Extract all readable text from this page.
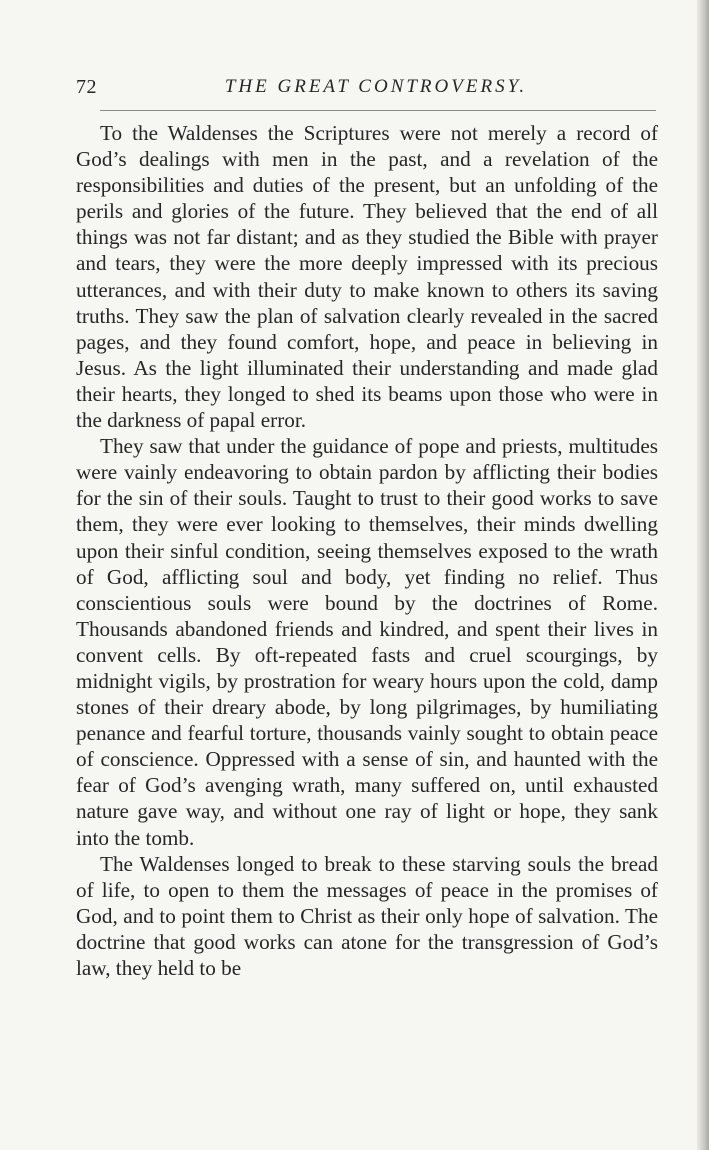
72	THE GREAT CONTROVERSY.

To the Waldenses the Scriptures were not merely a record of God’s dealings with men in the past, and a revelation of the responsibilities and duties of the present, but an unfolding of the perils and glories of the future. They believed that the end of all things was not far distant; and as they studied the Bible with prayer and tears, they were the more deeply impressed with its precious utterances, and with their duty to make known to others its saving truths. They saw the plan of salvation clearly revealed in the sacred pages, and they found comfort, hope, and peace in believing in Jesus. As the light illuminated their understanding and made glad their hearts, they longed to shed its beams upon those who were in the darkness of papal error.

They saw that under the guidance of pope and priests, multitudes were vainly endeavoring to obtain pardon by afflicting their bodies for the sin of their souls. Taught to trust to their good works to save them, they were ever looking to themselves, their minds dwelling upon their sinful condition, seeing themselves exposed to the wrath of God, afflicting soul and body, yet finding no relief. Thus conscientious souls were bound by the doctrines of Rome. Thousands abandoned friends and kindred, and spent their lives in convent cells. By oft-repeated fasts and cruel scourgings, by midnight vigils, by prostration for weary hours upon the cold, damp stones of their dreary abode, by long pilgrimages, by humiliating penance and fearful torture, thousands vainly sought to obtain peace of conscience. Oppressed with a sense of sin, and haunted with the fear of God’s avenging wrath, many suffered on, until exhausted nature gave way, and without one ray of light or hope, they sank into the tomb.

The Waldenses longed to break to these starving souls the bread of life, to open to them the messages of peace in the promises of God, and to point them to Christ as their only hope of salvation. The doctrine that good works can atone for the transgression of God’s law, they held to be
